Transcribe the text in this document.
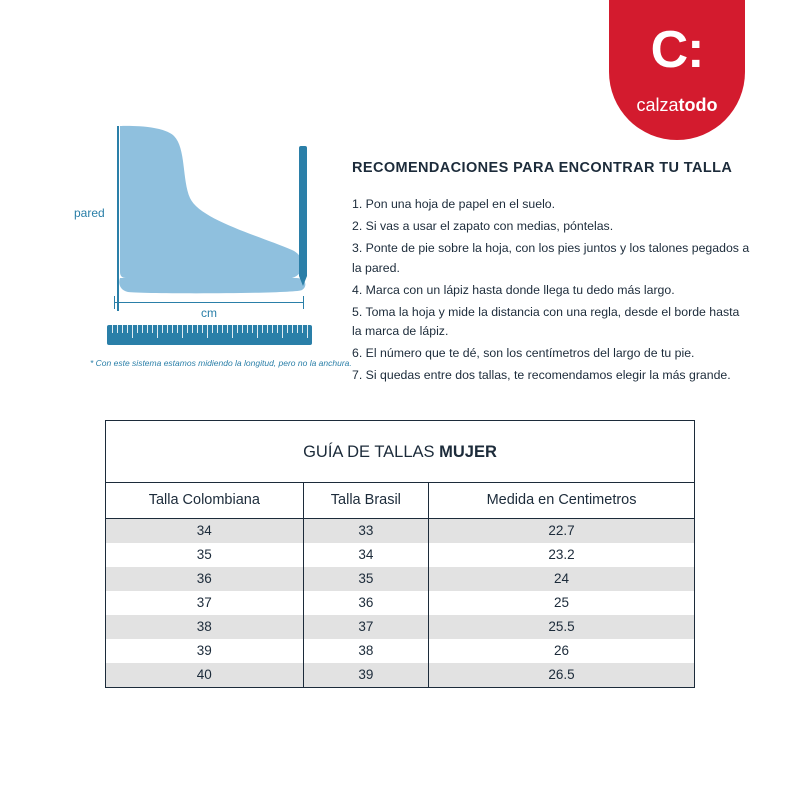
C:
calzatodo
pared
cm
* Con este sistema estamos midiendo la longitud, pero no la anchura.
RECOMENDACIONES PARA ENCONTRAR TU TALLA
1. Pon una hoja de papel en el suelo.
2. Si vas a usar el zapato con medias, póntelas.
3. Ponte de pie sobre la hoja, con los pies juntos y los talones pegados a la pared.
4. Marca con un lápiz hasta donde llega tu dedo más largo.
5. Toma la hoja y mide la distancia con una regla, desde el borde hasta la marca de lápiz.
6. El número que te dé, son los centímetros del largo de tu pie.
7. Si quedas entre dos tallas, te recomendamos elegir la más grande.
GUÍA DE TALLAS MUJER
Talla Colombiana	Talla Brasil	Medida en Centimetros
34	33	22.7
35	34	23.2
36	35	24
37	36	25
38	37	25.5
39	38	26
40	39	26.5
